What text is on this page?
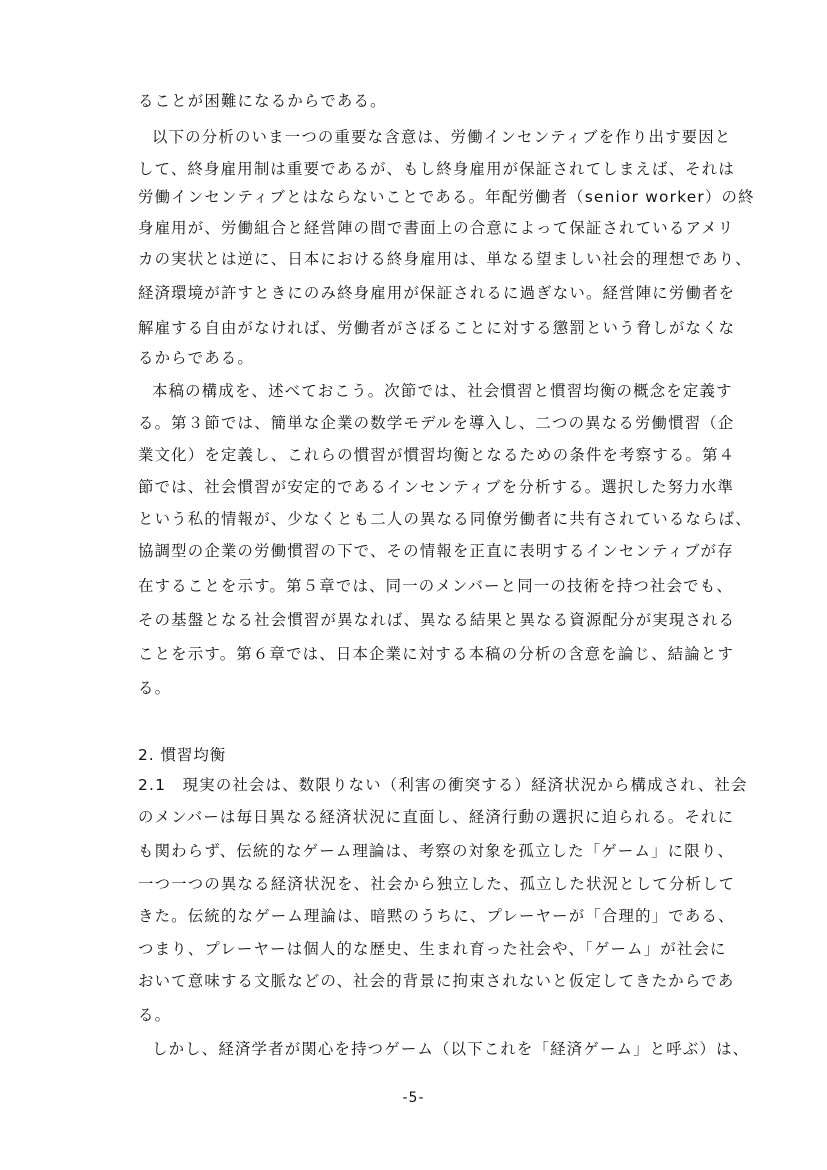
ることが困難になるからである。
以下の分析のいま一つの重要な含意は、労働インセンティブを作り出す要因と
して、終身雇用制は重要であるが、もし終身雇用が保証されてしまえば、それは
労働インセンティブとはならないことである。年配労働者（senior worker）の終
身雇用が、労働組合と経営陣の間で書面上の合意によって保証されているアメリ
カの実状とは逆に、日本における終身雇用は、単なる望ましい社会的理想であり、
経済環境が許すときにのみ終身雇用が保証されるに過ぎない。経営陣に労働者を
解雇する自由がなければ、労働者がさぼることに対する懲罰という脅しがなくな
るからである。
本稿の構成を、述べておこう。次節では、社会慣習と慣習均衡の概念を定義す
る。第３節では、簡単な企業の数学モデルを導入し、二つの異なる労働慣習（企
業文化）を定義し、これらの慣習が慣習均衡となるための条件を考察する。第４
節では、社会慣習が安定的であるインセンティブを分析する。選択した努力水準
という私的情報が、少なくとも二人の異なる同僚労働者に共有されているならば、
協調型の企業の労働慣習の下で、その情報を正直に表明するインセンティブが存
在することを示す。第５章では、同一のメンバーと同一の技術を持つ社会でも、
その基盤となる社会慣習が異なれば、異なる結果と異なる資源配分が実現される
ことを示す。第６章では、日本企業に対する本稿の分析の含意を論じ、結論とす
る。
2. 慣習均衡
2.1　現実の社会は、数限りない（利害の衝突する）経済状況から構成され、社会
のメンバーは毎日異なる経済状況に直面し、経済行動の選択に迫られる。それに
も関わらず、伝統的なゲーム理論は、考察の対象を孤立した「ゲーム」に限り、
一つ一つの異なる経済状況を、社会から独立した、孤立した状況として分析して
きた。伝統的なゲーム理論は、暗黙のうちに、プレーヤーが「合理的」である、
つまり、プレーヤーは個人的な歴史、生まれ育った社会や、「ゲーム」が社会に
おいて意味する文脈などの、社会的背景に拘束されないと仮定してきたからであ
る。
しかし、経済学者が関心を持つゲーム（以下これを「経済ゲーム」と呼ぶ）は、
-5-
